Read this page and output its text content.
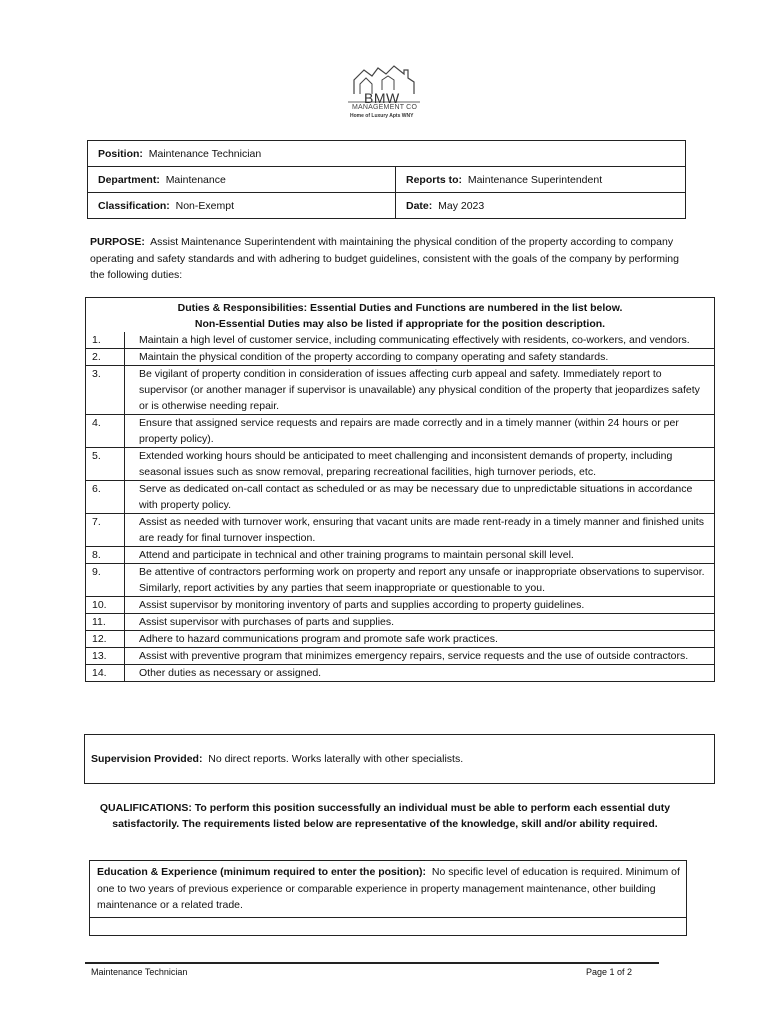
BMW
MANAGEMENT CO
Home of Luxury Apts WNY
Position: Maintenance Technician	
Department: Maintenance	Reports to: Maintenance Superintendent
Classification: Non-Exempt	Date: May 2023
PURPOSE: Assist Maintenance Superintendent with maintaining the physical condition of the property according to company operating and safety standards and with adhering to budget guidelines, consistent with the goals of the company by performing the following duties:
Duties & Responsibilities: Essential Duties and Functions are numbered in the list below.
Non-Essential Duties may also be listed if appropriate for the position description.
1.	Maintain a high level of customer service, including communicating effectively with residents, co-workers, and vendors.
2.	Maintain the physical condition of the property according to company operating and safety standards.
3.	Be vigilant of property condition in consideration of issues affecting curb appeal and safety. Immediately report to supervisor (or another manager if supervisor is unavailable) any physical condition of the property that jeopardizes safety or is otherwise needing repair.
4.	Ensure that assigned service requests and repairs are made correctly and in a timely manner (within 24 hours or per property policy).
5.	Extended working hours should be anticipated to meet challenging and inconsistent demands of property, including seasonal issues such as snow removal, preparing recreational facilities, high turnover periods, etc.
6.	Serve as dedicated on-call contact as scheduled or as may be necessary due to unpredictable situations in accordance with property policy.
7.	Assist as needed with turnover work, ensuring that vacant units are made rent-ready in a timely manner and finished units are ready for final turnover inspection.
8.	Attend and participate in technical and other training programs to maintain personal skill level.
9.	Be attentive of contractors performing work on property and report any unsafe or inappropriate observations to supervisor. Similarly, report activities by any parties that seem inappropriate or questionable to you.
10.	Assist supervisor by monitoring inventory of parts and supplies according to property guidelines.
11.	Assist supervisor with purchases of parts and supplies.
12.	Adhere to hazard communications program and promote safe work practices.
13.	Assist with preventive program that minimizes emergency repairs, service requests and the use of outside contractors.
14.	Other duties as necessary or assigned.
Supervision Provided: No direct reports. Works laterally with other specialists.
QUALIFICATIONS: To perform this position successfully an individual must be able to perform each essential duty satisfactorily. The requirements listed below are representative of the knowledge, skill and/or ability required.
Education & Experience (minimum required to enter the position): No specific level of education is required. Minimum of one to two years of previous experience or comparable experience in property management maintenance, other building maintenance or a related trade.
Maintenance Technician	Page 1 of 2
